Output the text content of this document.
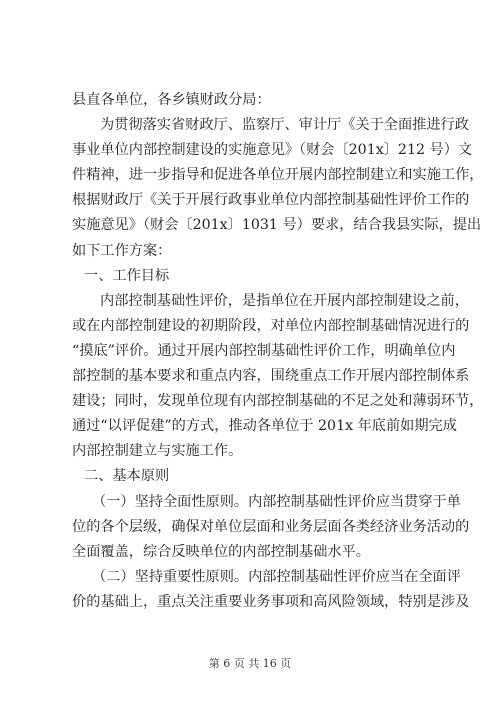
县直各单位，各乡镇财政分局：
为贯彻落实省财政厅、监察厅、审计厅《关于全面推进行政
事业单位内部控制建设的实施意见》（财会〔201x〕212 号）文
件精神，进一步指导和促进各单位开展内部控制建立和实施工作，
根据财政厅《关于开展行政事业单位内部控制基础性评价工作的
实施意见》（财会〔201x〕1031 号）要求，结合我县实际，提出
如下工作方案：
一、工作目标
内部控制基础性评价，是指单位在开展内部控制建设之前，
或在内部控制建设的初期阶段，对单位内部控制基础情况进行的
“摸底”评价。通过开展内部控制基础性评价工作，明确单位内
部控制的基本要求和重点内容，围绕重点工作开展内部控制体系
建设；同时，发现单位现有内部控制基础的不足之处和薄弱环节，
通过“以评促建”的方式，推动各单位于 201x 年底前如期完成
内部控制建立与实施工作。
二、基本原则
（一）坚持全面性原则。内部控制基础性评价应当贯穿于单
位的各个层级，确保对单位层面和业务层面各类经济业务活动的
全面覆盖，综合反映单位的内部控制基础水平。
（二）坚持重要性原则。内部控制基础性评价应当在全面评
价的基础上，重点关注重要业务事项和高风险领域，特别是涉及
第 6 页 共 16 页
